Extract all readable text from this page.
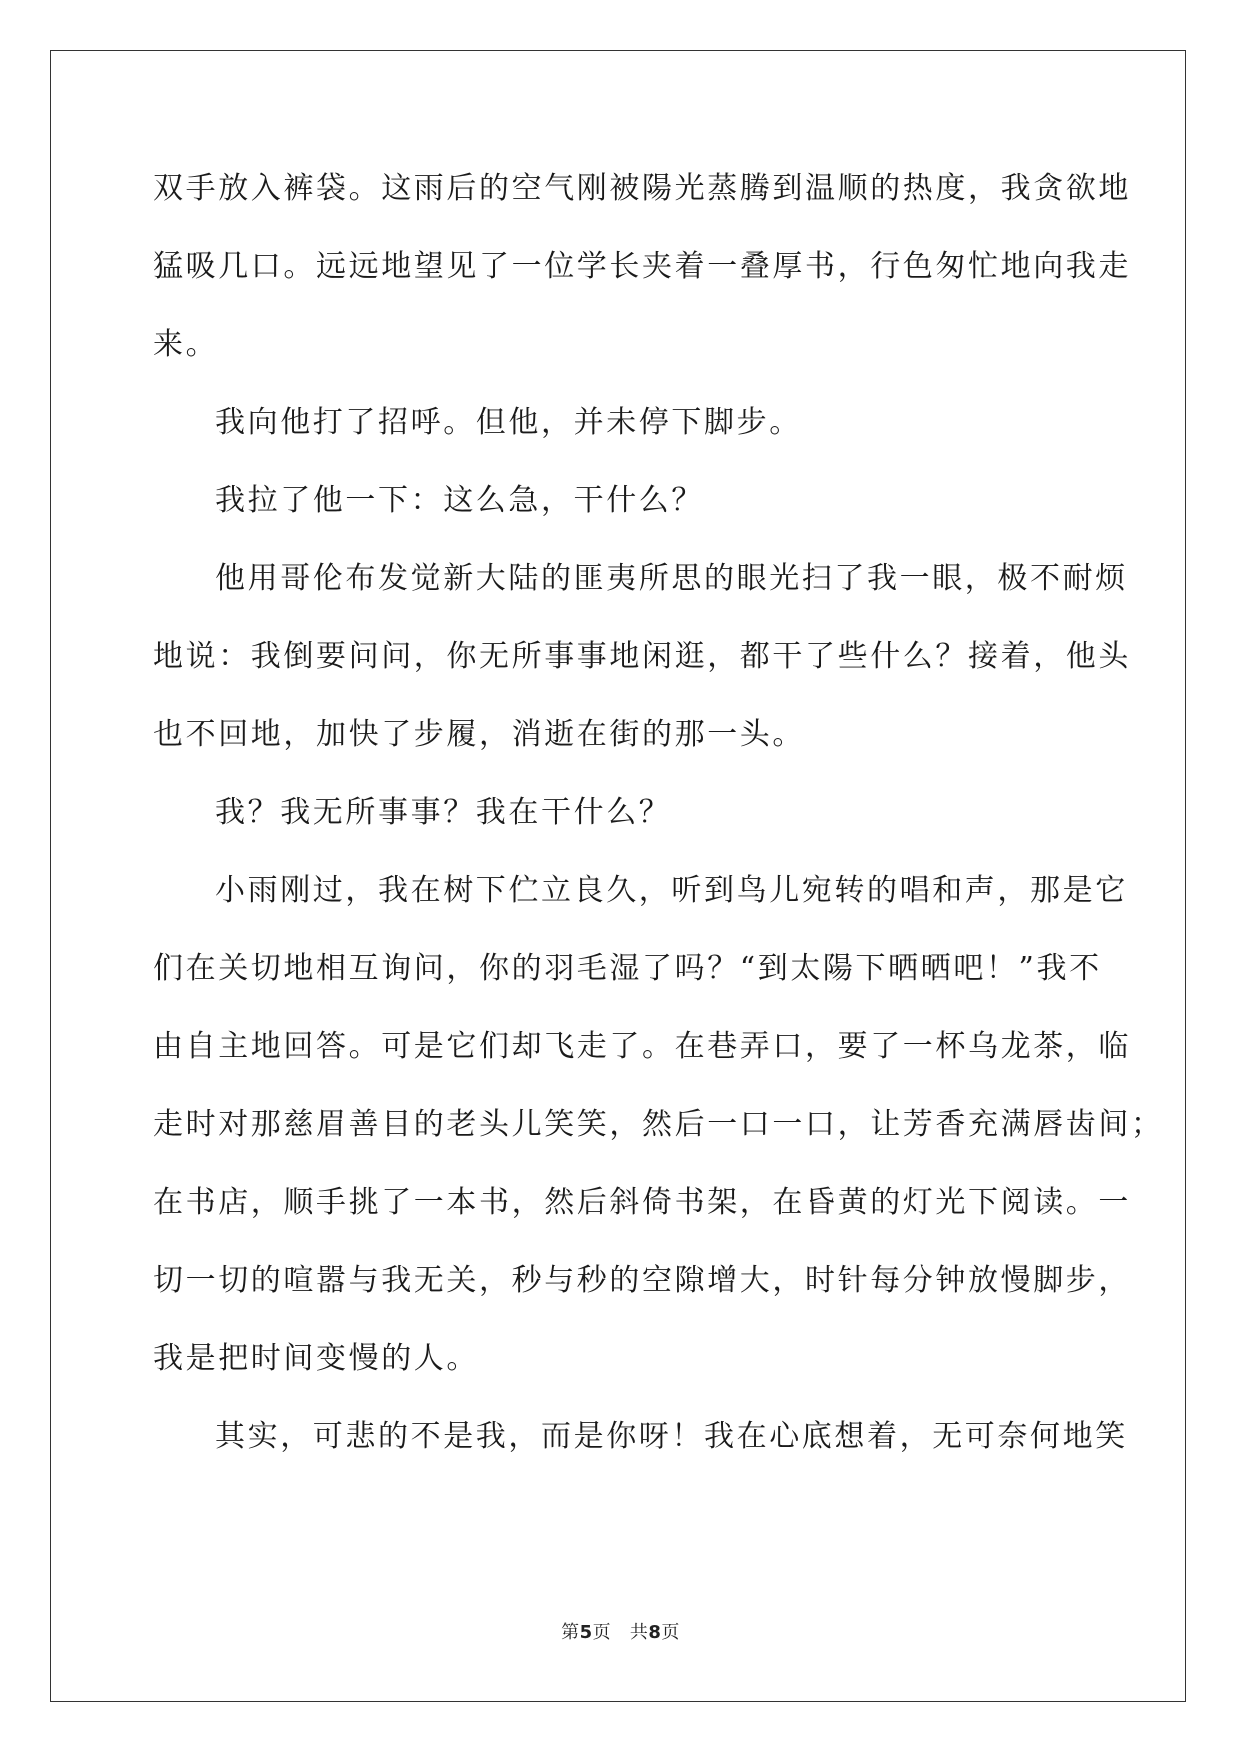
双手放入裤袋。这雨后的空气刚被陽光蒸腾到温顺的热度，我贪欲地
猛吸几口。远远地望见了一位学长夹着一叠厚书，行色匆忙地向我走
来。
我向他打了招呼。但他，并未停下脚步。
我拉了他一下：这么急，干什么？
他用哥伦布发觉新大陆的匪夷所思的眼光扫了我一眼，极不耐烦
地说：我倒要问问，你无所事事地闲逛，都干了些什么？接着，他头
也不回地，加快了步履，消逝在街的那一头。
我？我无所事事？我在干什么？
小雨刚过，我在树下伫立良久，听到鸟儿宛转的唱和声，那是它
们在关切地相互询问，你的羽毛湿了吗？“到太陽下晒晒吧！”我不
由自主地回答。可是它们却飞走了。在巷弄口，要了一杯乌龙茶，临
走时对那慈眉善目的老头儿笑笑，然后一口一口，让芳香充满唇齿间；
在书店，顺手挑了一本书，然后斜倚书架，在昏黄的灯光下阅读。一
切一切的喧嚣与我无关，秒与秒的空隙增大，时针每分钟放慢脚步，
我是把时间变慢的人。
其实，可悲的不是我，而是你呀！我在心底想着，无可奈何地笑
第5页 共8页
